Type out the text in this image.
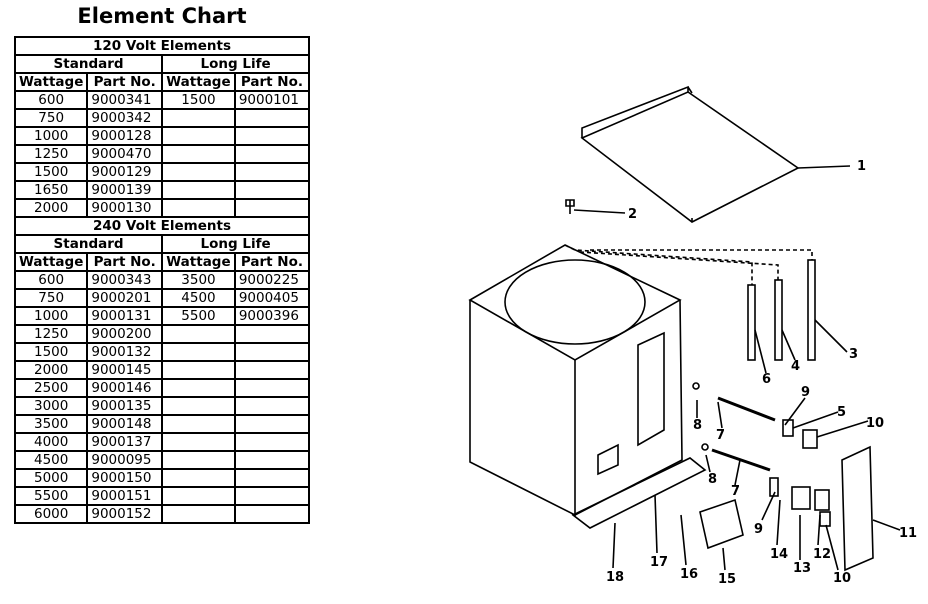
Element Chart
120 Volt Elements			
Standard		Long Life	
Wattage	Part No.	Wattage	Part No.
600	9000341	1500	9000101
750	9000342		
1000	9000128		
1250	9000470		
1500	9000129		
1650	9000139		
2000	9000130		
240 Volt Elements			
Standard		Long Life	
Wattage	Part No.	Wattage	Part No.
600	9000343	3500	9000225
750	9000201	4500	9000405
1000	9000131	5500	9000396
1250	9000200		
1500	9000132		
2000	9000145		
2500	9000146		
3000	9000135		
3500	9000148		
4000	9000137		
4500	9000095		
5000	9000150		
5500	9000151		
6000	9000152		
1
2
3
4
6
9
5
10
8
7
8
7
9
14
13
12
10
11
15
16
17
18
